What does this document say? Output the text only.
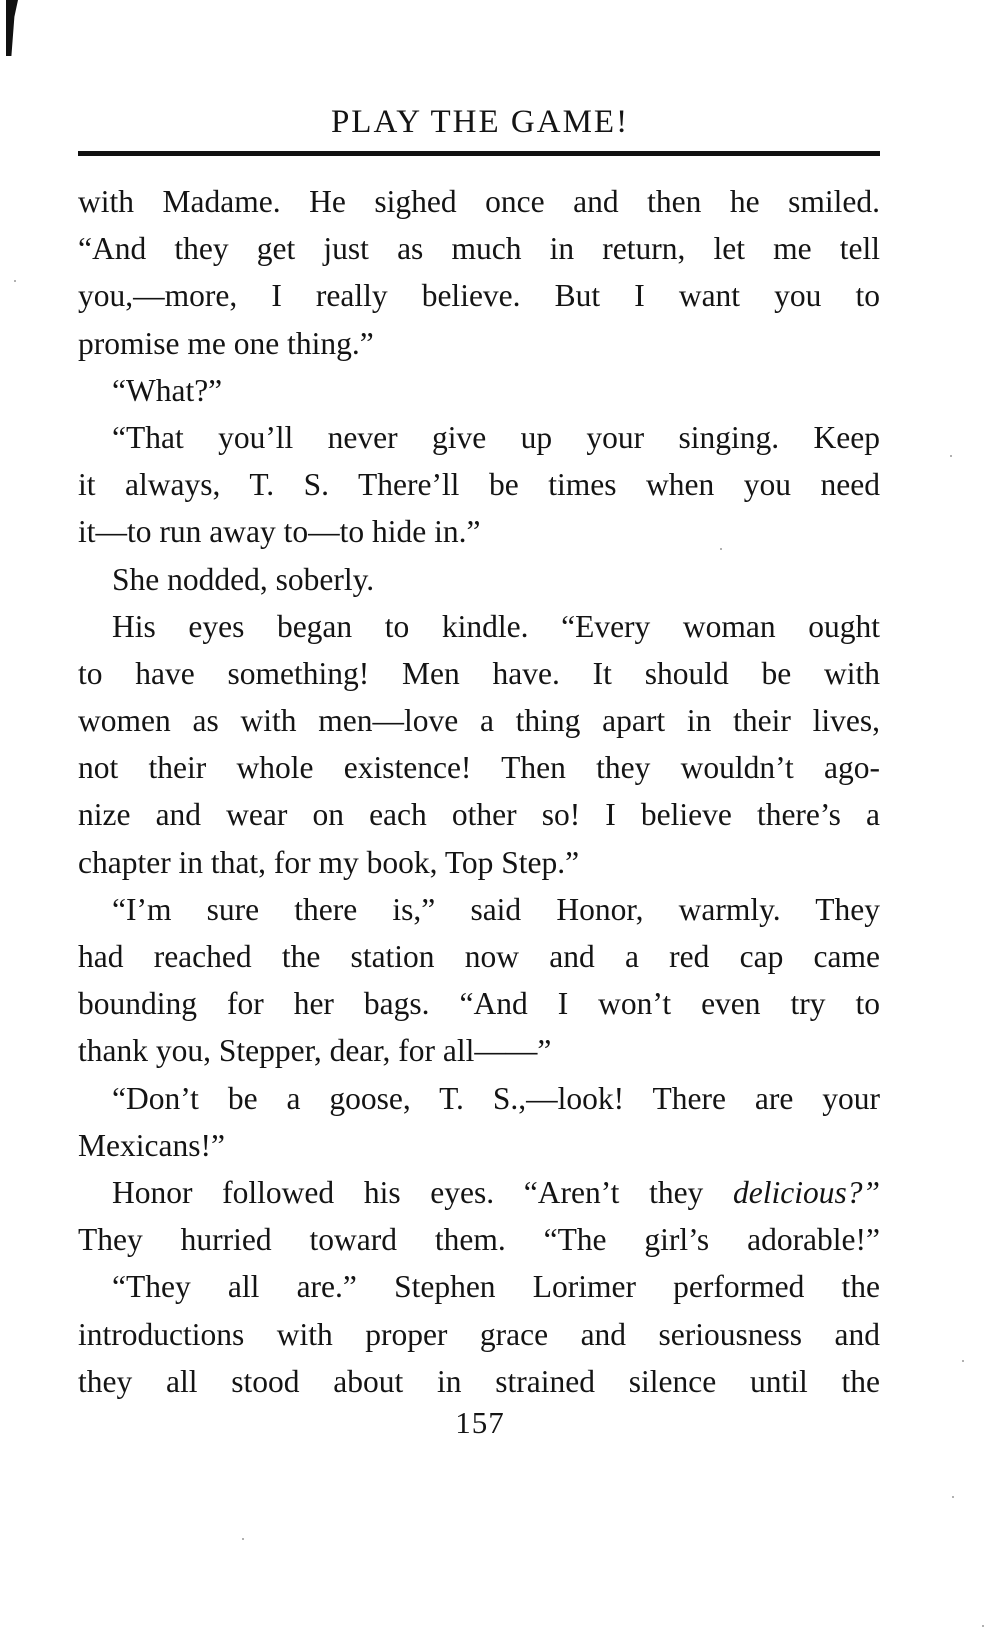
PLAY THE GAME!
with Madame. He sighed once and then he smiled.
“And they get just as much in return, let me tell
you,—more, I really believe. But I want you to
promise me one thing.”
“What?”
“That you’ll never give up your singing. Keep
it always, T. S. There’ll be times when you need
it—to run away to—to hide in.”
She nodded, soberly.
His eyes began to kindle. “Every woman ought
to have something! Men have. It should be with
women as with men—love a thing apart in their lives,
not their whole existence! Then they wouldn’t ago-
nize and wear on each other so! I believe there’s a
chapter in that, for my book, Top Step.”
“I’m sure there is,” said Honor, warmly. They
had reached the station now and a red cap came
bounding for her bags. “And I won’t even try to
thank you, Stepper, dear, for all——”
“Don’t be a goose, T. S.,—look! There are your
Mexicans!”
Honor followed his eyes. “Aren’t they delicious?”
They hurried toward them. “The girl’s adorable!”
“They all are.” Stephen Lorimer performed the
introductions with proper grace and seriousness and
they all stood about in strained silence until the
157
